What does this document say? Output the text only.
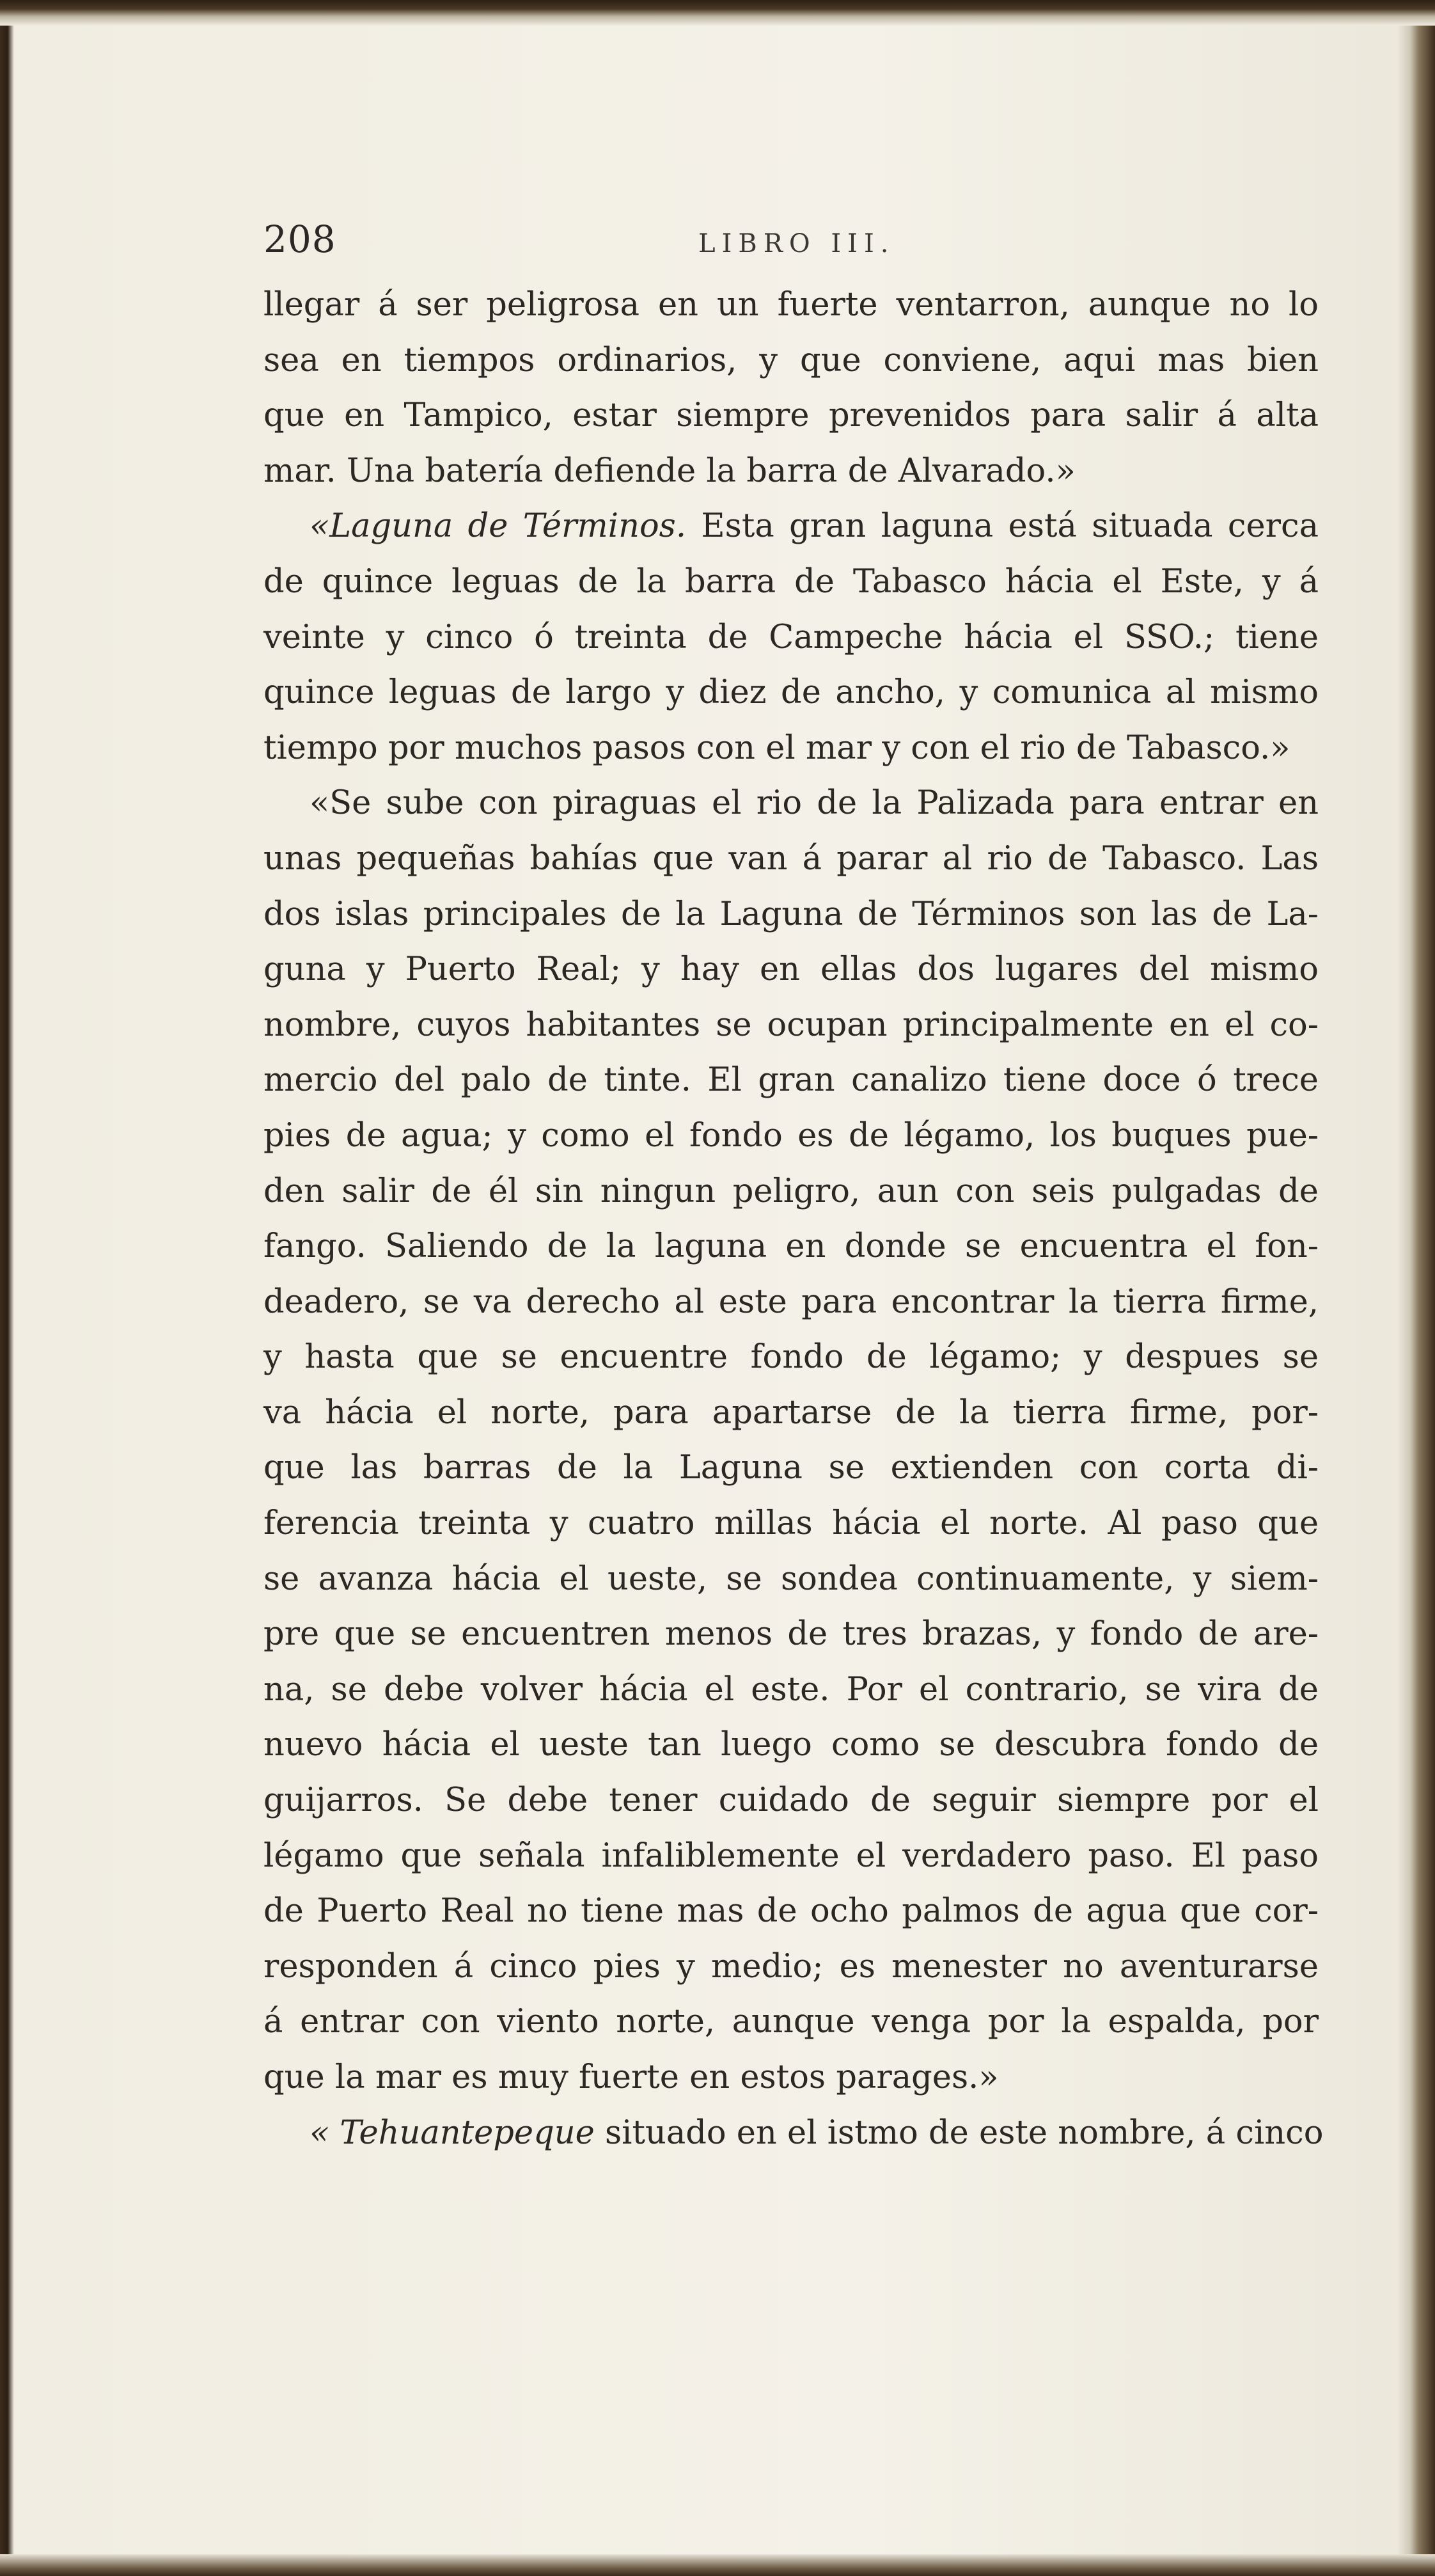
208	LIBRO III.
llegar á ser peligrosa en un fuerte ventarron, aunque no lo
sea en tiempos ordinarios, y que conviene, aqui mas bien
que en Tampico, estar siempre prevenidos para salir á alta
mar. Una batería defiende la barra de Alvarado.»
«Laguna de Términos. Esta gran laguna está situada cerca
de quince leguas de la barra de Tabasco hácia el Este, y á
veinte y cinco ó treinta de Campeche hácia el SSO.; tiene
quince leguas de largo y diez de ancho, y comunica al mismo
tiempo por muchos pasos con el mar y con el rio de Tabasco.»
«Se sube con piraguas el rio de la Palizada para entrar en
unas pequeñas bahías que van á parar al rio de Tabasco. Las
dos islas principales de la Laguna de Términos son las de La-
guna y Puerto Real; y hay en ellas dos lugares del mismo
nombre, cuyos habitantes se ocupan principalmente en el co-
mercio del palo de tinte. El gran canalizo tiene doce ó trece
pies de agua; y como el fondo es de légamo, los buques pue-
den salir de él sin ningun peligro, aun con seis pulgadas de
fango. Saliendo de la laguna en donde se encuentra el fon-
deadero, se va derecho al este para encontrar la tierra firme,
y hasta que se encuentre fondo de légamo; y despues se
va hácia el norte, para apartarse de la tierra firme, por-
que las barras de la Laguna se extienden con corta di-
ferencia treinta y cuatro millas hácia el norte. Al paso que
se avanza hácia el ueste, se sondea continuamente, y siem-
pre que se encuentren menos de tres brazas, y fondo de are-
na, se debe volver hácia el este. Por el contrario, se vira de
nuevo hácia el ueste tan luego como se descubra fondo de
guijarros. Se debe tener cuidado de seguir siempre por el
légamo que señala infaliblemente el verdadero paso. El paso
de Puerto Real no tiene mas de ocho palmos de agua que cor-
responden á cinco pies y medio; es menester no aventurarse
á entrar con viento norte, aunque venga por la espalda, por
que la mar es muy fuerte en estos parages.»
« Tehuantepeque situado en el istmo de este nombre, á cinco
